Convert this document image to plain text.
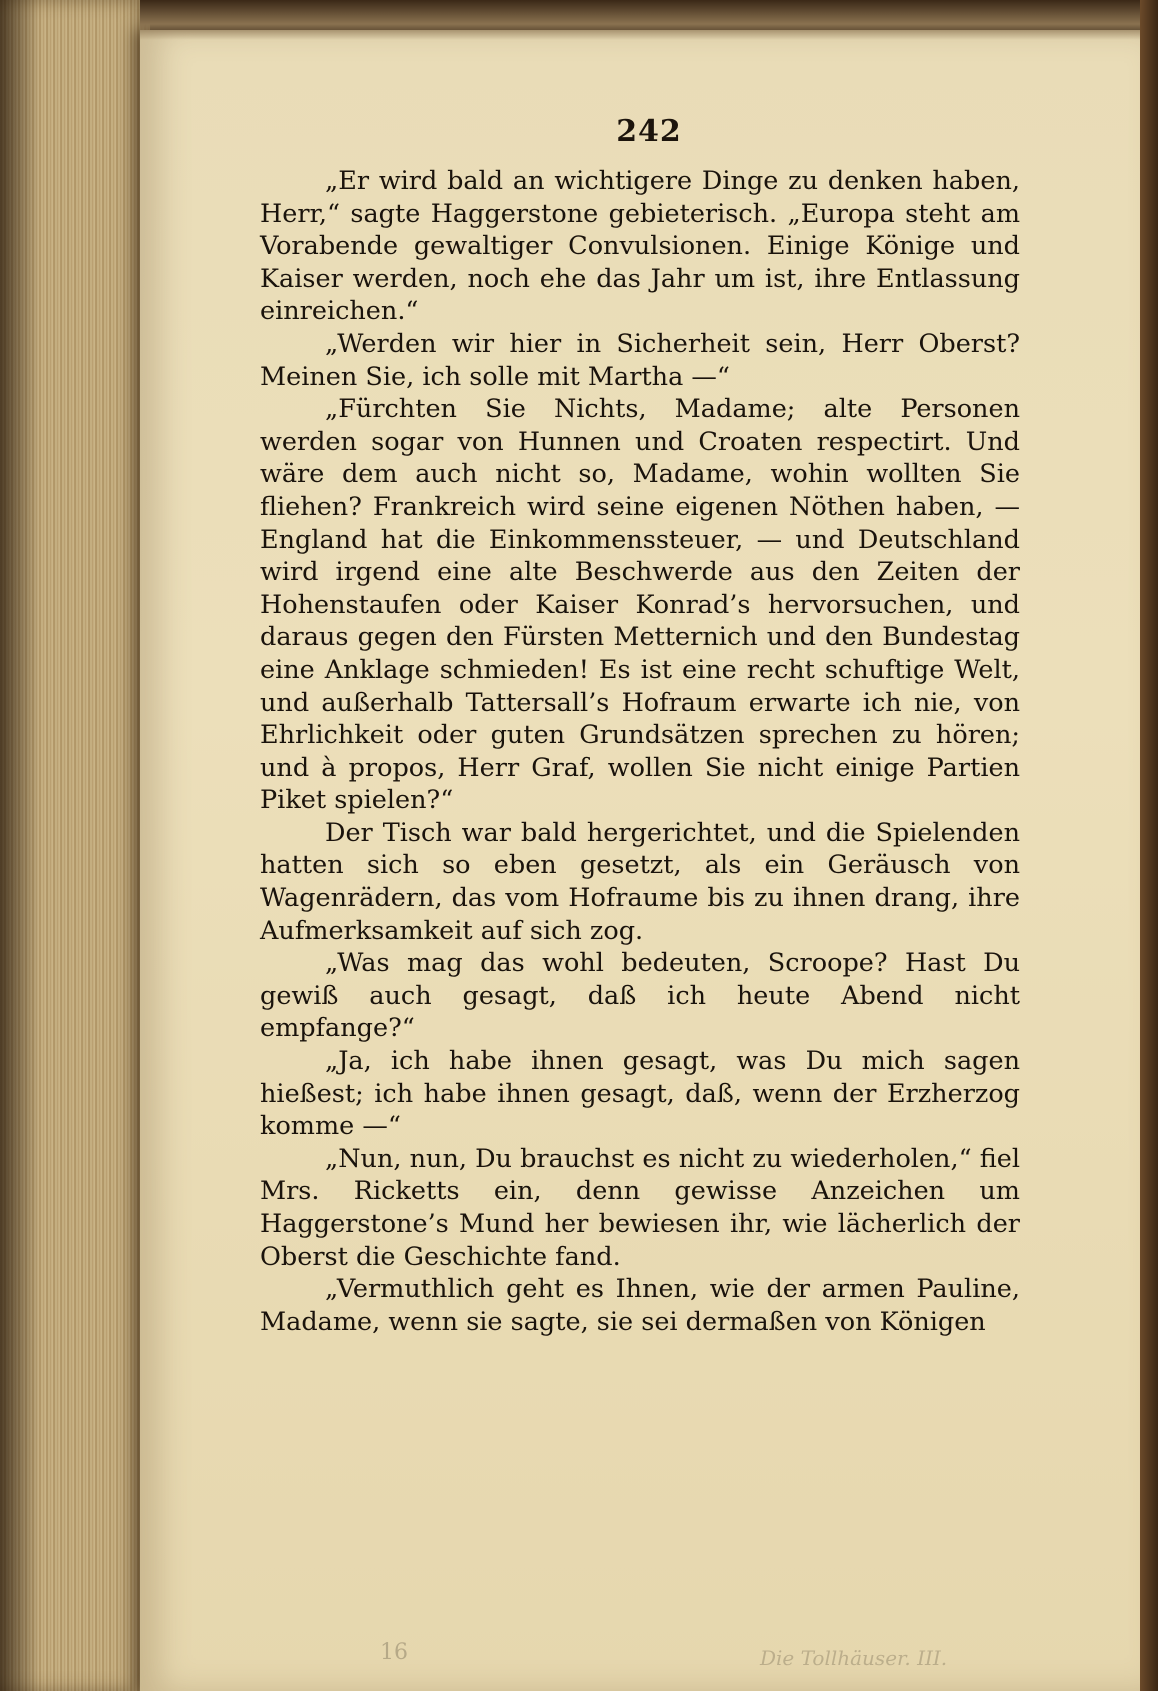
242

„Er wird bald an wichtigere Dinge zu denken haben, Herr,“ sagte Haggerstone gebieterisch. „Europa steht am Vorabende gewaltiger Convulsionen. Einige Könige und Kaiser werden, noch ehe das Jahr um ist, ihre Entlassung einreichen.“

„Werden wir hier in Sicherheit sein, Herr Oberst? Meinen Sie, ich solle mit Martha —“

„Fürchten Sie Nichts, Madame; alte Personen werden sogar von Hunnen und Croaten respectirt. Und wäre dem auch nicht so, Madame, wohin wollten Sie fliehen? Frankreich wird seine eigenen Nöthen haben, — England hat die Einkommenssteuer, — und Deutschland wird irgend eine alte Beschwerde aus den Zeiten der Hohenstaufen oder Kaiser Konrad’s hervorsuchen, und daraus gegen den Fürsten Metternich und den Bundestag eine Anklage schmieden! Es ist eine recht schuftige Welt, und außerhalb Tattersall’s Hofraum erwarte ich nie, von Ehrlichkeit oder guten Grundsätzen sprechen zu hören; und à propos, Herr Graf, wollen Sie nicht einige Partien Piket spielen?“

Der Tisch war bald hergerichtet, und die Spielenden hatten sich so eben gesetzt, als ein Geräusch von Wagenrädern, das vom Hofraume bis zu ihnen drang, ihre Aufmerksamkeit auf sich zog.

„Was mag das wohl bedeuten, Scroope? Hast Du gewiß auch gesagt, daß ich heute Abend nicht empfange?“

„Ja, ich habe ihnen gesagt, was Du mich sagen hießest; ich habe ihnen gesagt, daß, wenn der Erzherzog komme —“

„Nun, nun, Du brauchst es nicht zu wiederholen,“ fiel Mrs. Ricketts ein, denn gewisse Anzeichen um Haggerstone’s Mund her bewiesen ihr, wie lächerlich der Oberst die Geschichte fand.

„Vermuthlich geht es Ihnen, wie der armen Pauline, Madame, wenn sie sagte, sie sei dermaßen von Königen

16	Die Tollhäuser. III.
